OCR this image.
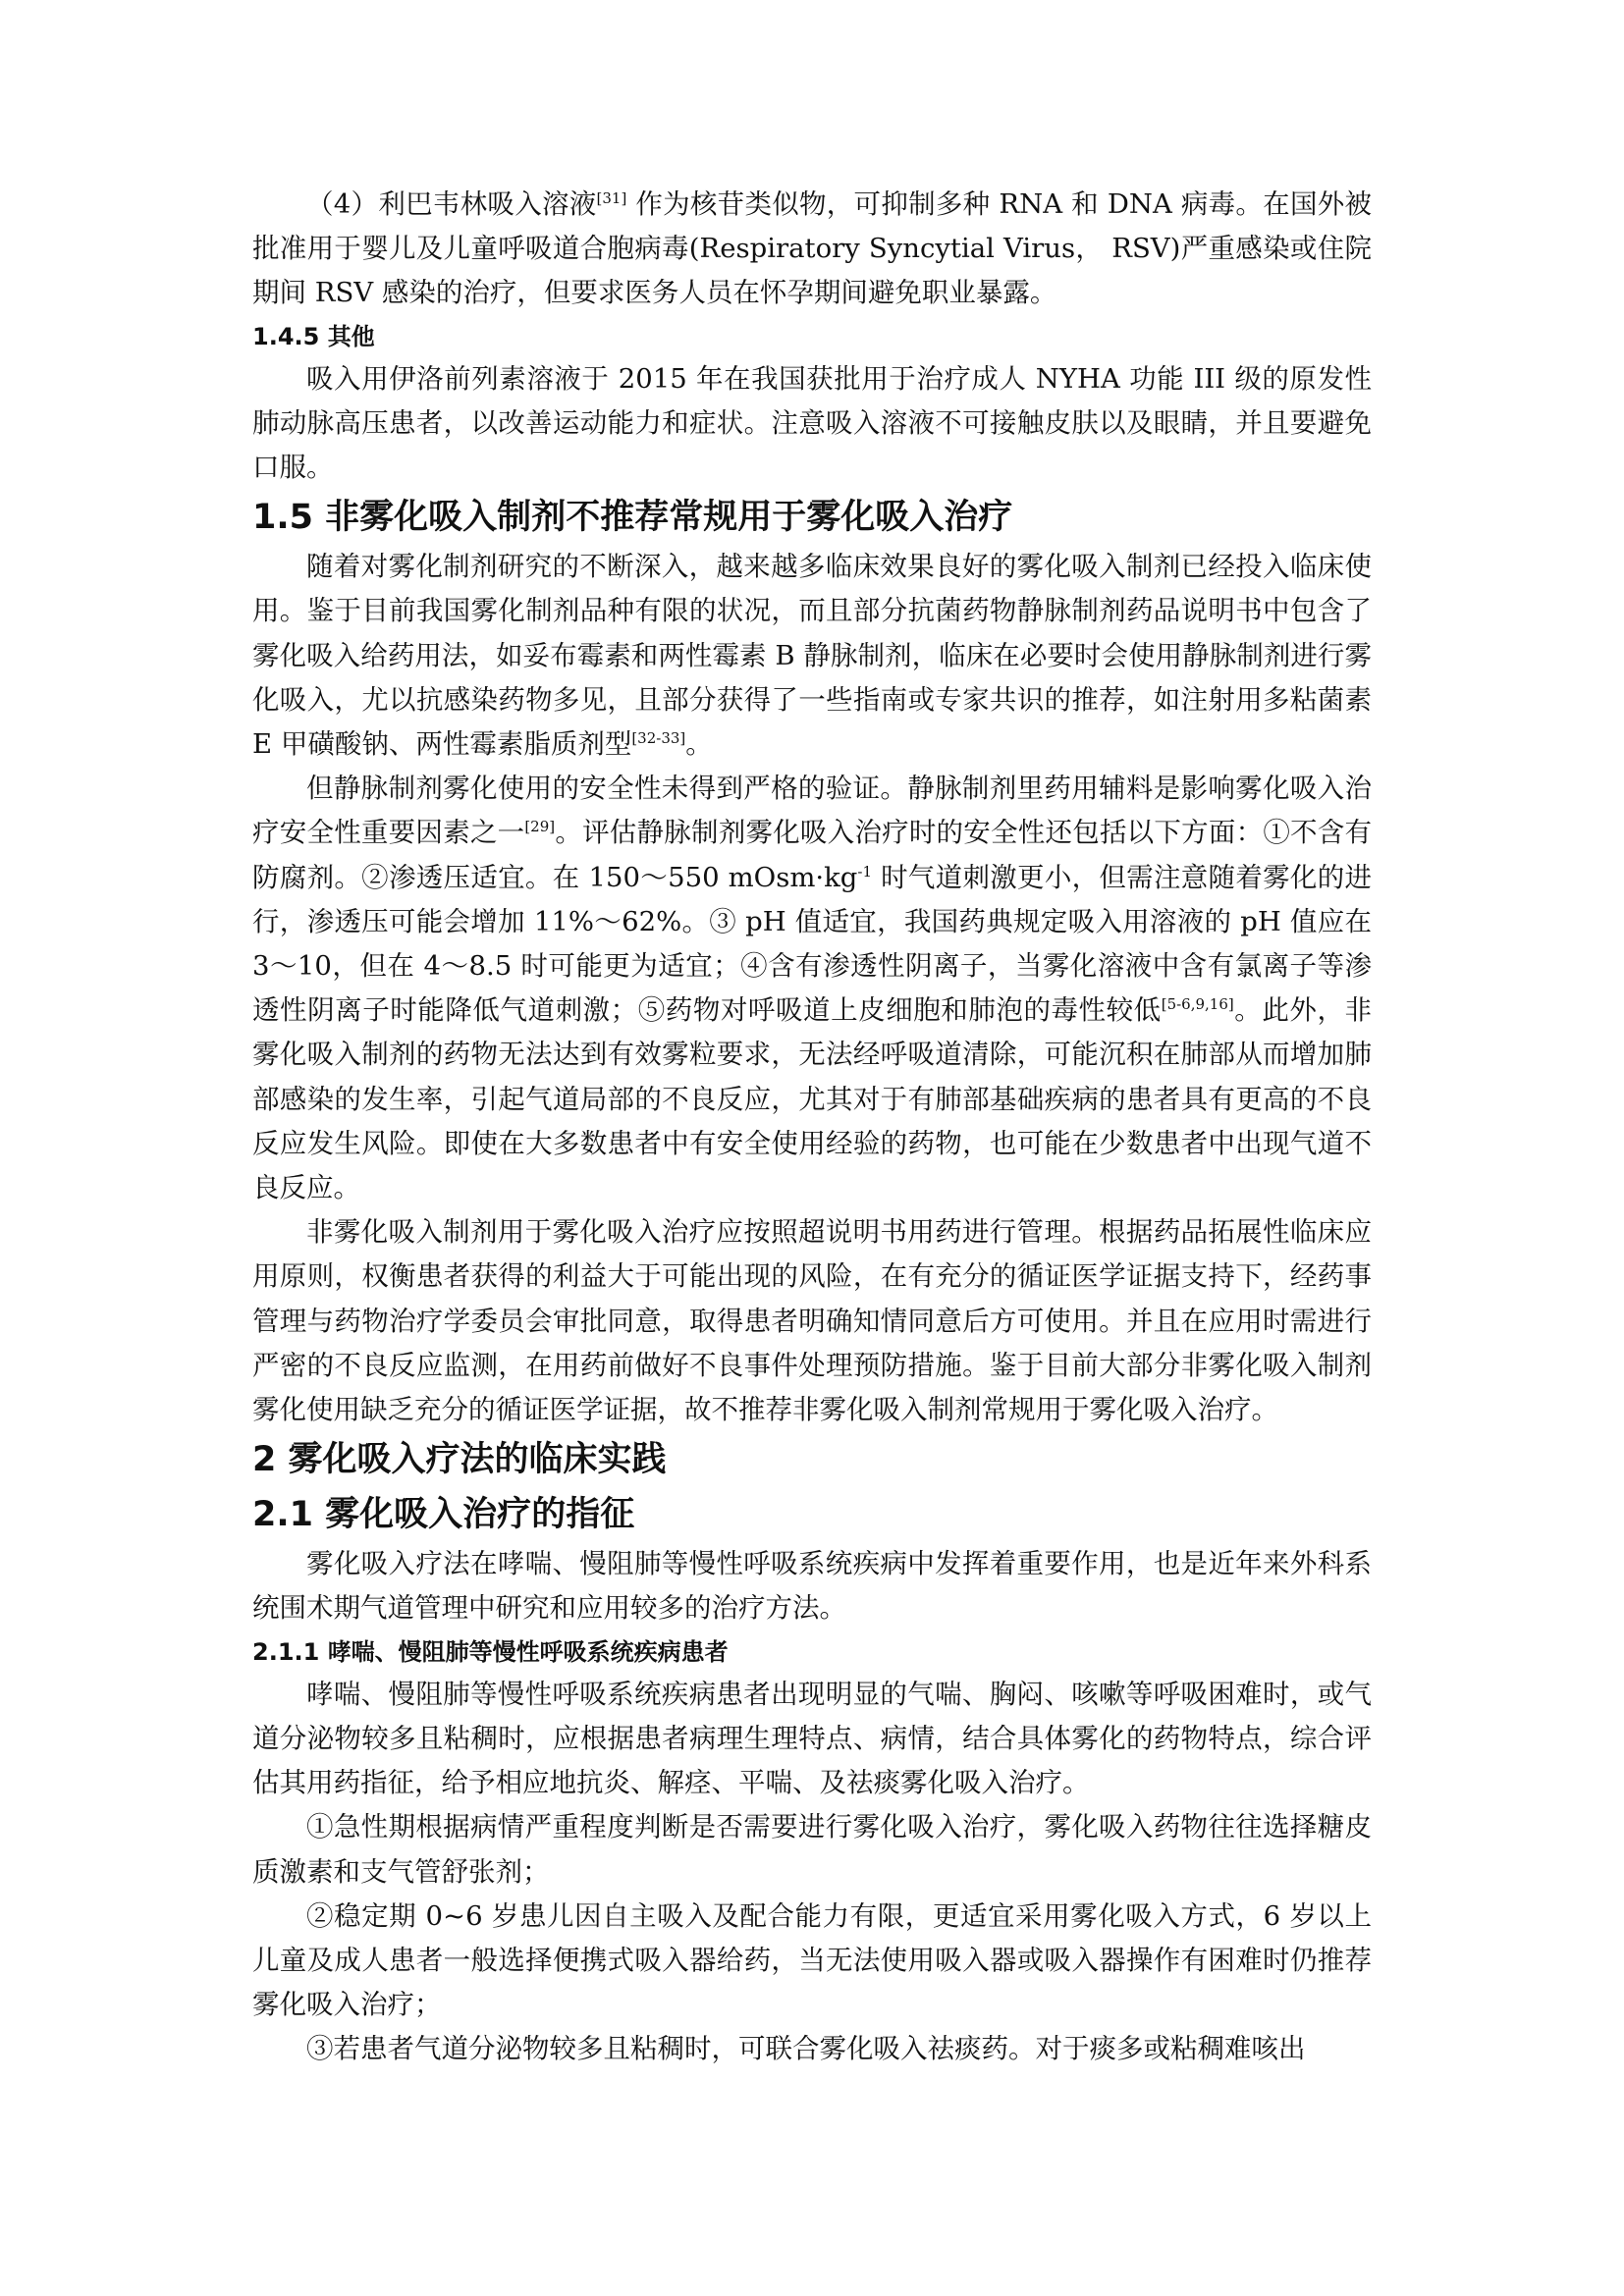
（4）利巴韦林吸入溶液[31] 作为核苷类似物，可抑制多种 RNA 和 DNA 病毒。在国外被批准用于婴儿及儿童呼吸道合胞病毒(Respiratory Syncytial Virus， RSV)严重感染或住院期间 RSV 感染的治疗，但要求医务人员在怀孕期间避免职业暴露。

1.4.5 其他

吸入用伊洛前列素溶液于 2015 年在我国获批用于治疗成人 NYHA 功能 III 级的原发性肺动脉高压患者，以改善运动能力和症状。注意吸入溶液不可接触皮肤以及眼睛，并且要避免口服。

1.5 非雾化吸入制剂不推荐常规用于雾化吸入治疗

随着对雾化制剂研究的不断深入，越来越多临床效果良好的雾化吸入制剂已经投入临床使用。鉴于目前我国雾化制剂品种有限的状况，而且部分抗菌药物静脉制剂药品说明书中包含了雾化吸入给药用法，如妥布霉素和两性霉素 B 静脉制剂，临床在必要时会使用静脉制剂进行雾化吸入，尤以抗感染药物多见，且部分获得了一些指南或专家共识的推荐，如注射用多粘菌素 E 甲磺酸钠、两性霉素脂质剂型[32-33]。

但静脉制剂雾化使用的安全性未得到严格的验证。静脉制剂里药用辅料是影响雾化吸入治疗安全性重要因素之一[29]。评估静脉制剂雾化吸入治疗时的安全性还包括以下方面：①不含有防腐剂。②渗透压适宜。在 150～550 $mOsm\cdot kg^{-1}$ 时气道刺激更小，但需注意随着雾化的进行，渗透压可能会增加 11%～62%。③ pH 值适宜，我国药典规定吸入用溶液的 pH 值应在 3～10，但在 4～8.5 时可能更为适宜；④含有渗透性阴离子，当雾化溶液中含有氯离子等渗透性阴离子时能降低气道刺激；⑤药物对呼吸道上皮细胞和肺泡的毒性较低[5-6,9,16]。此外，非雾化吸入制剂的药物无法达到有效雾粒要求，无法经呼吸道清除，可能沉积在肺部从而增加肺部感染的发生率，引起气道局部的不良反应，尤其对于有肺部基础疾病的患者具有更高的不良反应发生风险。即使在大多数患者中有安全使用经验的药物，也可能在少数患者中出现气道不良反应。

非雾化吸入制剂用于雾化吸入治疗应按照超说明书用药进行管理。根据药品拓展性临床应用原则，权衡患者获得的利益大于可能出现的风险，在有充分的循证医学证据支持下，经药事管理与药物治疗学委员会审批同意，取得患者明确知情同意后方可使用。并且在应用时需进行严密的不良反应监测，在用药前做好不良事件处理预防措施。鉴于目前大部分非雾化吸入制剂雾化使用缺乏充分的循证医学证据，故不推荐非雾化吸入制剂常规用于雾化吸入治疗。

2 雾化吸入疗法的临床实践
2.1 雾化吸入治疗的指征

雾化吸入疗法在哮喘、慢阻肺等慢性呼吸系统疾病中发挥着重要作用，也是近年来外科系统围术期气道管理中研究和应用较多的治疗方法。

2.1.1 哮喘、慢阻肺等慢性呼吸系统疾病患者

哮喘、慢阻肺等慢性呼吸系统疾病患者出现明显的气喘、胸闷、咳嗽等呼吸困难时，或气道分泌物较多且粘稠时，应根据患者病理生理特点、病情，结合具体雾化的药物特点，综合评估其用药指征，给予相应地抗炎、解痉、平喘、及祛痰雾化吸入治疗。

①急性期根据病情严重程度判断是否需要进行雾化吸入治疗，雾化吸入药物往往选择糖皮质激素和支气管舒张剂；

②稳定期 0~6 岁患儿因自主吸入及配合能力有限，更适宜采用雾化吸入方式，6 岁以上儿童及成人患者一般选择便携式吸入器给药，当无法使用吸入器或吸入器操作有困难时仍推荐雾化吸入治疗；

③若患者气道分泌物较多且粘稠时，可联合雾化吸入祛痰药。对于痰多或粘稠难咳出
